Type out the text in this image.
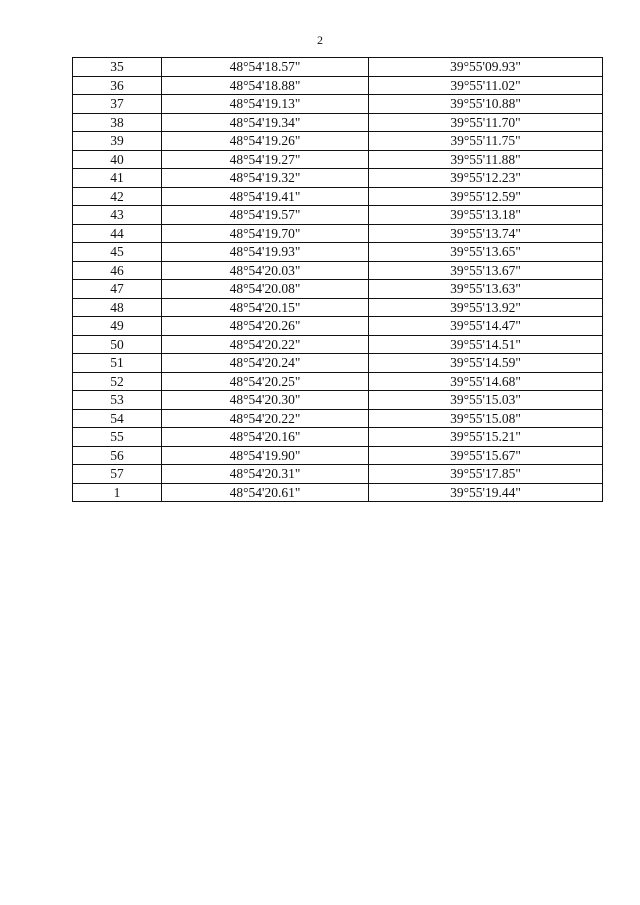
2
35	48°54'18.57"	39°55'09.93"
36	48°54'18.88"	39°55'11.02"
37	48°54'19.13"	39°55'10.88"
38	48°54'19.34"	39°55'11.70"
39	48°54'19.26"	39°55'11.75"
40	48°54'19.27"	39°55'11.88"
41	48°54'19.32"	39°55'12.23"
42	48°54'19.41"	39°55'12.59"
43	48°54'19.57"	39°55'13.18"
44	48°54'19.70"	39°55'13.74"
45	48°54'19.93"	39°55'13.65"
46	48°54'20.03"	39°55'13.67"
47	48°54'20.08"	39°55'13.63"
48	48°54'20.15"	39°55'13.92"
49	48°54'20.26"	39°55'14.47"
50	48°54'20.22"	39°55'14.51"
51	48°54'20.24"	39°55'14.59"
52	48°54'20.25"	39°55'14.68"
53	48°54'20.30"	39°55'15.03"
54	48°54'20.22"	39°55'15.08"
55	48°54'20.16"	39°55'15.21"
56	48°54'19.90"	39°55'15.67"
57	48°54'20.31"	39°55'17.85"
1	48°54'20.61"	39°55'19.44"
